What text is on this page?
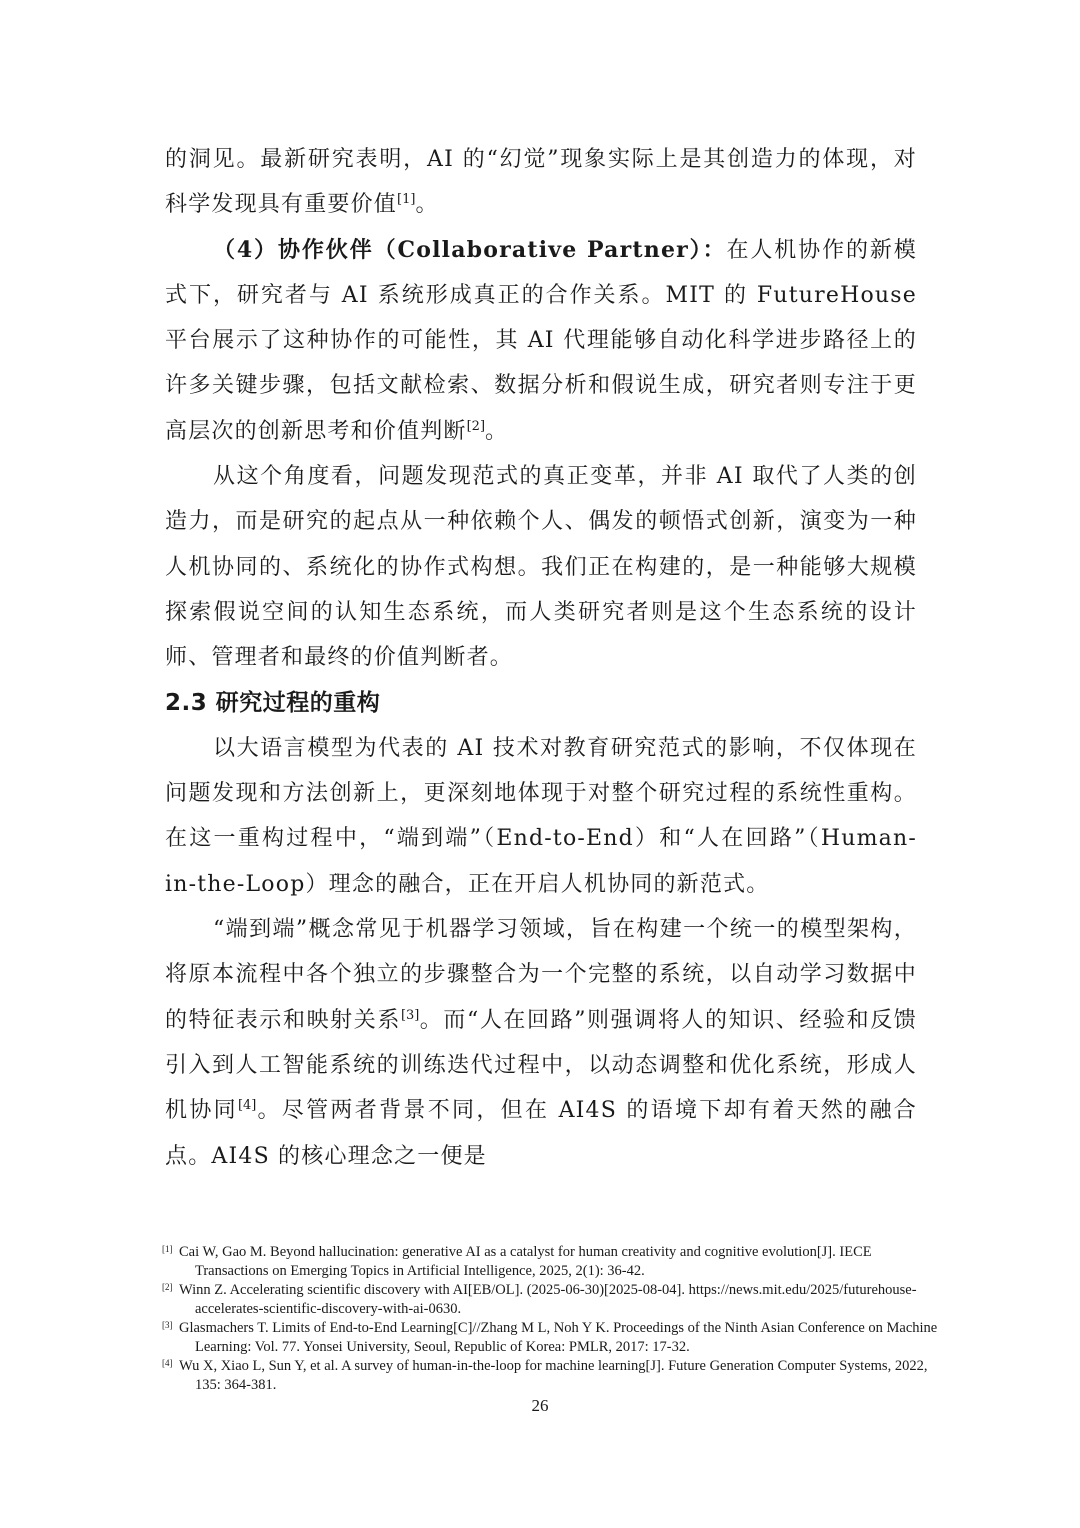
的洞见。最新研究表明，AI 的“幻觉”现象实际上是其创造力的体现，对科学发现具有重要价值[1]。

（4）协作伙伴（Collaborative Partner）：在人机协作的新模式下，研究者与 AI 系统形成真正的合作关系。MIT 的 FutureHouse 平台展示了这种协作的可能性，其 AI 代理能够自动化科学进步路径上的许多关键步骤，包括文献检索、数据分析和假说生成，研究者则专注于更高层次的创新思考和价值判断[2]。

从这个角度看，问题发现范式的真正变革，并非 AI 取代了人类的创造力，而是研究的起点从一种依赖个人、偶发的顿悟式创新，演变为一种人机协同的、系统化的协作式构想。我们正在构建的，是一种能够大规模探索假说空间的认知生态系统，而人类研究者则是这个生态系统的设计师、管理者和最终的价值判断者。

2.3 研究过程的重构

以大语言模型为代表的 AI 技术对教育研究范式的影响，不仅体现在问题发现和方法创新上，更深刻地体现于对整个研究过程的系统性重构。在这一重构过程中，“端到端”（End-to-End）和“人在回路”（Human-in-the-Loop）理念的融合，正在开启人机协同的新范式。

“端到端”概念常见于机器学习领域，旨在构建一个统一的模型架构，将原本流程中各个独立的步骤整合为一个完整的系统，以自动学习数据中的特征表示和映射关系[3]。而“人在回路”则强调将人的知识、经验和反馈引入到人工智能系统的训练迭代过程中，以动态调整和优化系统，形成人机协同[4]。尽管两者背景不同，但在 AI4S 的语境下却有着天然的融合点。AI4S 的核心理念之一便是

[1] Cai W, Gao M. Beyond hallucination: generative AI as a catalyst for human creativity and cognitive evolution[J]. IECE Transactions on Emerging Topics in Artificial Intelligence, 2025, 2(1): 36-42.
[2] Winn Z. Accelerating scientific discovery with AI[EB/OL]. (2025-06-30)[2025-08-04]. https://news.mit.edu/2025/futurehouse-accelerates-scientific-discovery-with-ai-0630.
[3] Glasmachers T. Limits of End-to-End Learning[C]//Zhang M L, Noh Y K. Proceedings of the Ninth Asian Conference on Machine Learning: Vol. 77. Yonsei University, Seoul, Republic of Korea: PMLR, 2017: 17-32.
[4] Wu X, Xiao L, Sun Y, et al. A survey of human-in-the-loop for machine learning[J]. Future Generation Computer Systems, 2022, 135: 364-381.
26
